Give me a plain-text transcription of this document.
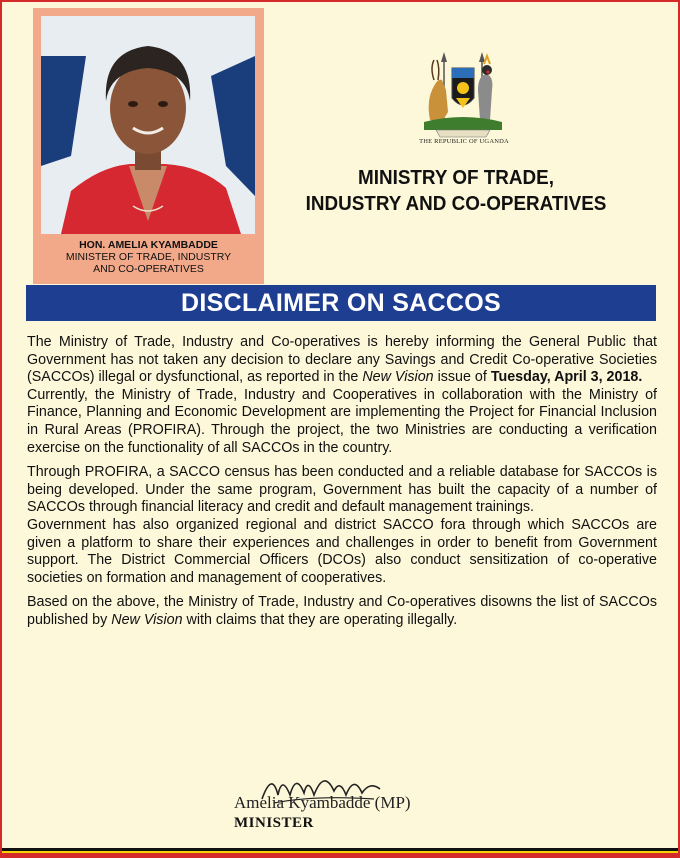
HON. AMELIA KYAMBADDE
MINISTER OF TRADE, INDUSTRY
AND CO-OPERATIVES
THE REPUBLIC OF UGANDA
MINISTRY OF TRADE,
INDUSTRY AND CO-OPERATIVES
DISCLAIMER ON SACCOS

The Ministry of Trade, Industry and Co-operatives is hereby informing the General Public that Government has not taken any decision to declare any Savings and Credit Co-operative Societies (SACCOs) illegal or dysfunctional, as reported in the New Vision issue of Tuesday, April 3, 2018.

Currently, the Ministry of Trade, Industry and Cooperatives in collaboration with the Ministry of Finance, Planning and Economic Development are implementing the Project for Financial Inclusion in Rural Areas (PROFIRA). Through the project, the two Ministries are conducting a verification exercise on the functionality of all SACCOs in the country.

Through PROFIRA, a SACCO census has been conducted and a reliable database for SACCOs is being developed. Under the same program, Government has built the capacity of a number of SACCOs through financial literacy and credit and default management trainings.

Government has also organized regional and district SACCO fora through which SACCOs are given a platform to share their experiences and challenges in order to benefit from Government support. The District Commercial Officers (DCOs) also conduct sensitization of co-operative societies on formation and management of cooperatives.

Based on the above, the Ministry of Trade, Industry and Co-operatives disowns the list of SACCOs published by New Vision with claims that they are operating illegally.

Amelia Kyambadde (MP)
MINISTER
